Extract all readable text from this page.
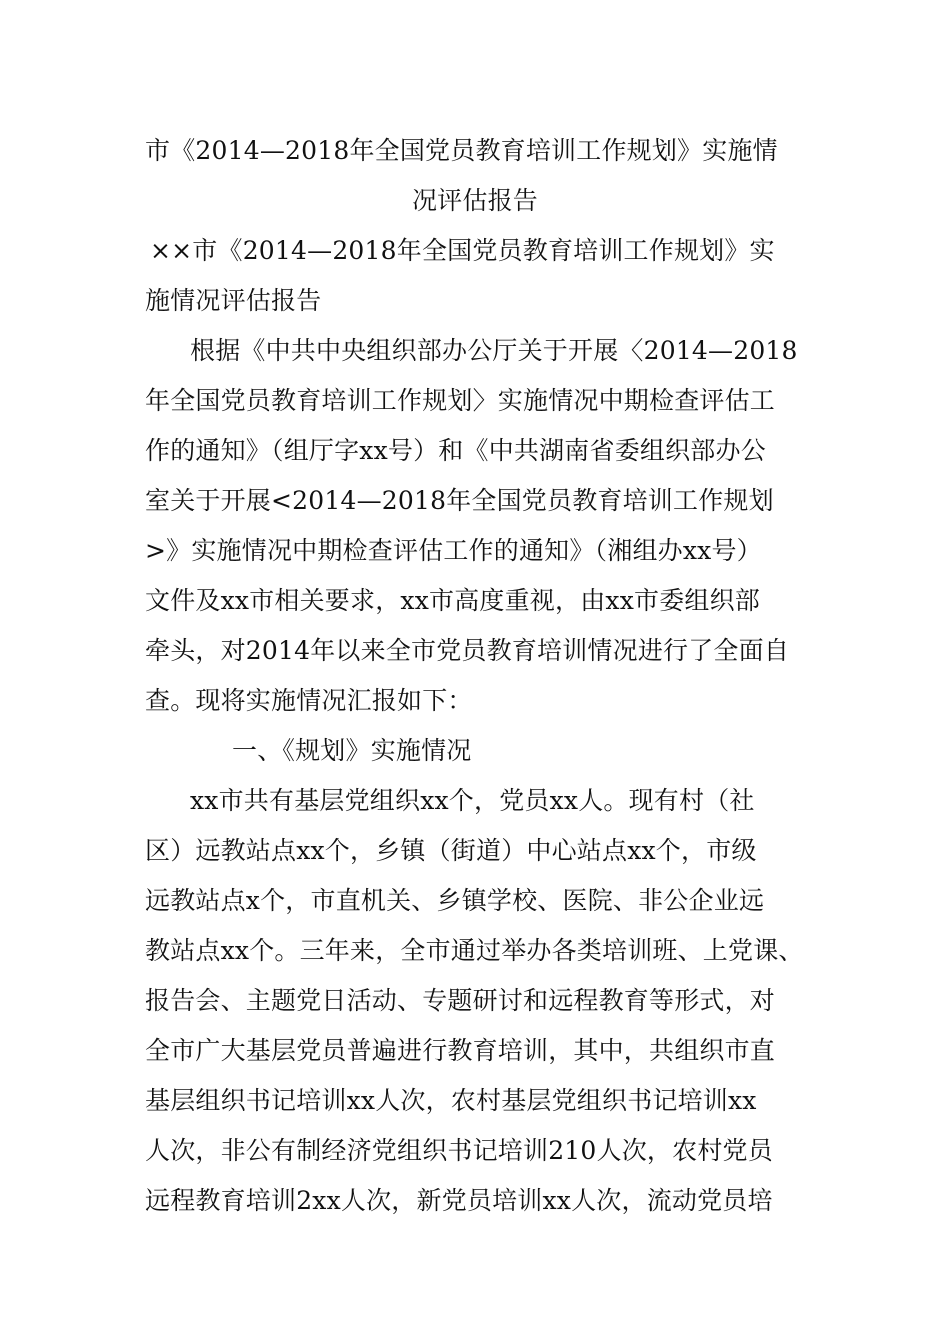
市《2014—2018年全国党员教育培训工作规划》实施情
况评估报告
××市《2014—2018年全国党员教育培训工作规划》实
施情况评估报告
根据《中共中央组织部办公厅关于开展〈2014—2018
年全国党员教育培训工作规划〉实施情况中期检查评估工
作的通知》（组厅字xx号）和《中共湖南省委组织部办公
室关于开展<2014—2018年全国党员教育培训工作规划
>》实施情况中期检查评估工作的通知》（湘组办xx号）
文件及xx市相关要求，xx市高度重视，由xx市委组织部
牵头，对2014年以来全市党员教育培训情况进行了全面自
查。现将实施情况汇报如下：
一、《规划》实施情况
xx市共有基层党组织xx个，党员xx人。现有村（社
区）远教站点xx个，乡镇（街道）中心站点xx个，市级
远教站点x个，市直机关、乡镇学校、医院、非公企业远
教站点xx个。三年来，全市通过举办各类培训班、上党课、
报告会、主题党日活动、专题研讨和远程教育等形式，对
全市广大基层党员普遍进行教育培训，其中，共组织市直
基层组织书记培训xx人次，农村基层党组织书记培训xx
人次，非公有制经济党组织书记培训210人次，农村党员
远程教育培训2xx人次，新党员培训xx人次，流动党员培
